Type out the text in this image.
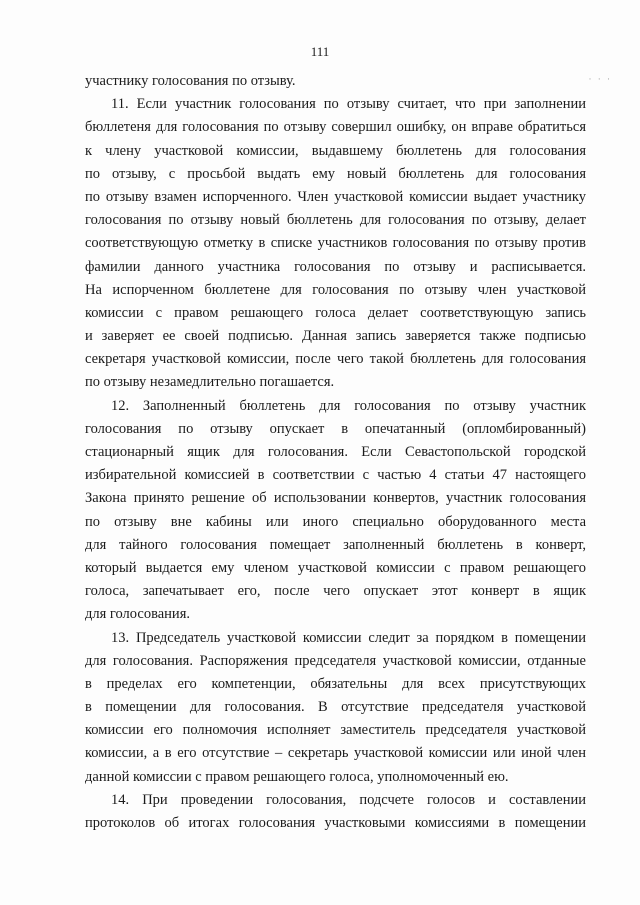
111
· · ·
участнику голосования по отзыву.
11. Если участник голосования по отзыву считает, что при заполнении
бюллетеня для голосования по отзыву совершил ошибку, он вправе обратиться
к члену участковой комиссии, выдавшему бюллетень для голосования
по отзыву, с просьбой выдать ему новый бюллетень для голосования
по отзыву взамен испорченного. Член участковой комиссии выдает участнику
голосования по отзыву новый бюллетень для голосования по отзыву, делает
соответствующую отметку в списке участников голосования по отзыву против
фамилии данного участника голосования по отзыву и расписывается.
На испорченном бюллетене для голосования по отзыву член участковой
комиссии с правом решающего голоса делает соответствующую запись
и заверяет ее своей подписью. Данная запись заверяется также подписью
секретаря участковой комиссии, после чего такой бюллетень для голосования
по отзыву незамедлительно погашается.
12. Заполненный бюллетень для голосования по отзыву участник
голосования по отзыву опускает в опечатанный (опломбированный)
стационарный ящик для голосования. Если Севастопольской городской
избирательной комиссией в соответствии с частью 4 статьи 47 настоящего
Закона принято решение об использовании конвертов, участник голосования
по отзыву вне кабины или иного специально оборудованного места
для тайного голосования помещает заполненный бюллетень в конверт,
который выдается ему членом участковой комиссии с правом решающего
голоса, запечатывает его, после чего опускает этот конверт в ящик
для голосования.
13. Председатель участковой комиссии следит за порядком в помещении
для голосования. Распоряжения председателя участковой комиссии, отданные
в пределах его компетенции, обязательны для всех присутствующих
в помещении для голосования. В отсутствие председателя участковой
комиссии его полномочия исполняет заместитель председателя участковой
комиссии, а в его отсутствие – секретарь участковой комиссии или иной член
данной комиссии с правом решающего голоса, уполномоченный ею.
14. При проведении голосования, подсчете голосов и составлении
протоколов об итогах голосования участковыми комиссиями в помещении
